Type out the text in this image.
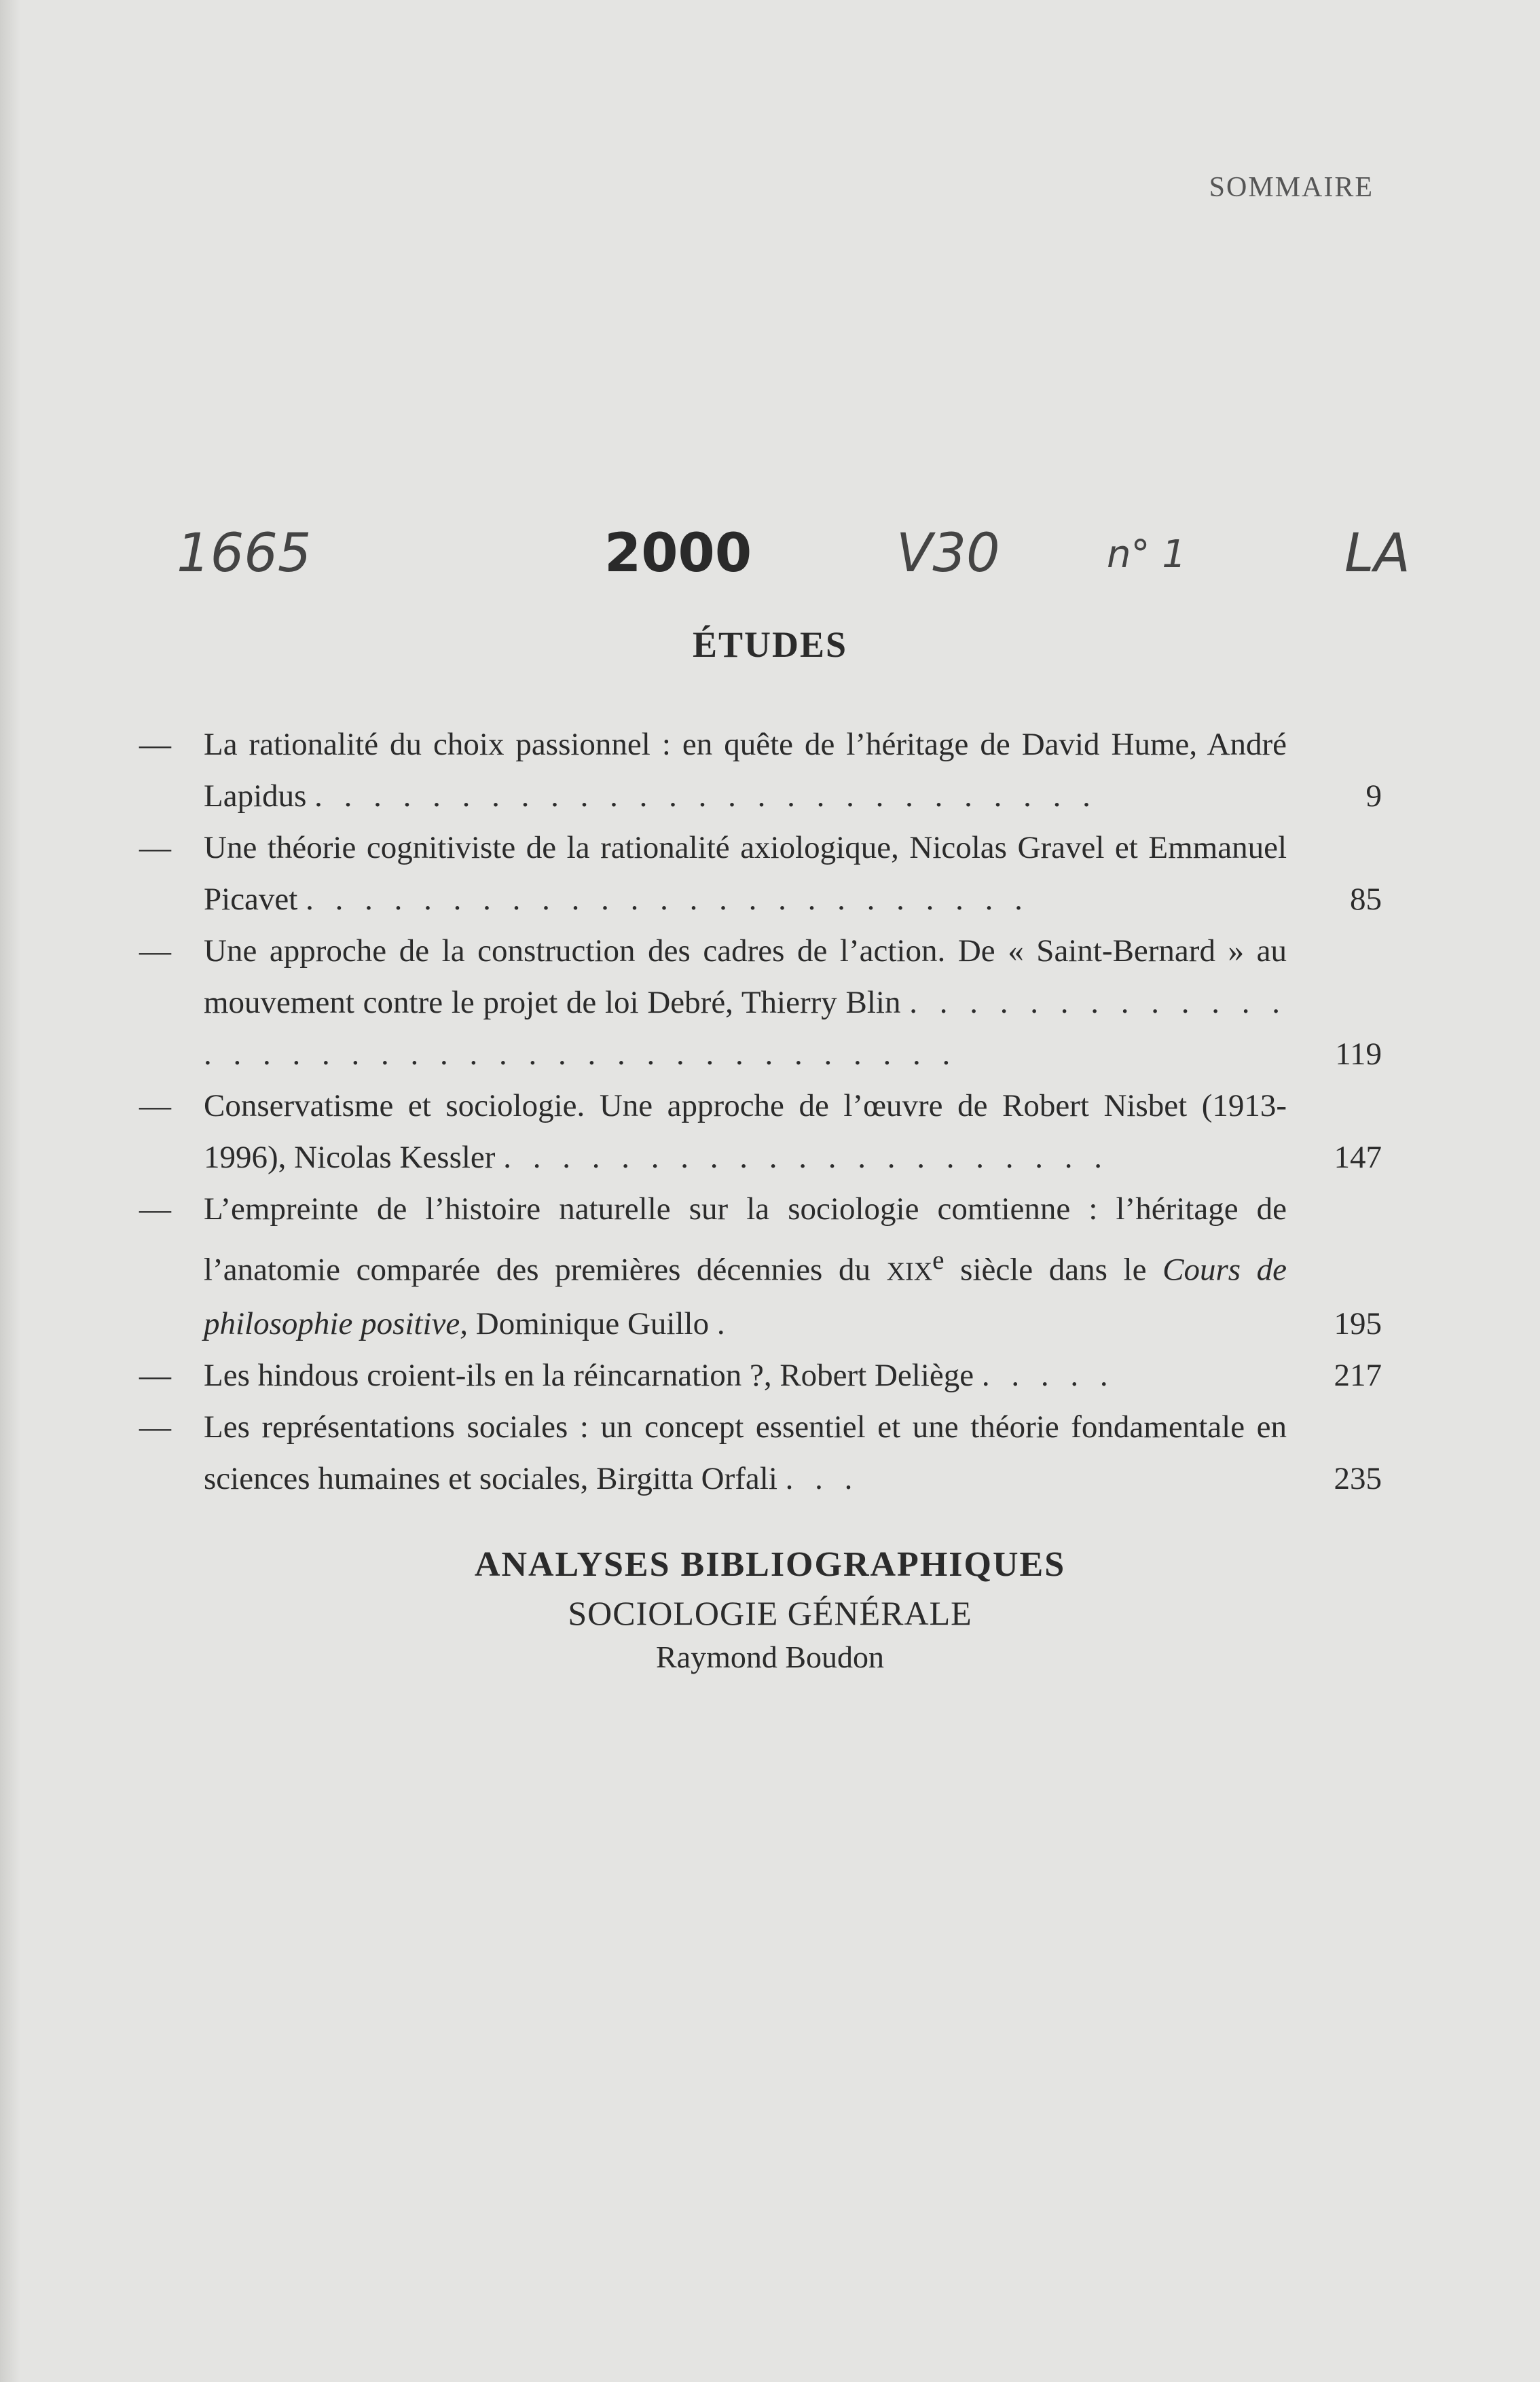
SOMMAIRE
1665	2000	V30	n° 1	LA
ÉTUDES
— La rationalité du choix passionnel : en quête de l’héritage de David Hume, André Lapidus . . . . . . . . . . . . . . . . . . . . . . . . . . .	9
— Une théorie cognitiviste de la rationalité axiologique, Nicolas Gravel et Emmanuel Picavet . . . . . . . . . . . . . . . . . . . . . . . . .	85
— Une approche de la construction des cadres de l’action. De « Saint-Bernard » au mouvement contre le projet de loi Debré, Thierry Blin . . . . . . . . . . . . . . . . . . . . . . . . . . . . . . . . . . . . . . .	119
— Conservatisme et sociologie. Une approche de l’œuvre de Robert Nisbet (1913-1996), Nicolas Kessler . . . . . . . . . . . . . . . . . . . . .	147
— L’empreinte de l’histoire naturelle sur la sociologie comtienne : l’héritage de l’anatomie comparée des premières décennies du XIXe siècle dans le Cours de philosophie positive, Dominique Guillo .	195
— Les hindous croient-ils en la réincarnation ?, Robert Deliège . . . . .	217
— Les représentations sociales : un concept essentiel et une théorie fondamentale en sciences humaines et sociales, Birgitta Orfali . . .	235
ANALYSES BIBLIOGRAPHIQUES
SOCIOLOGIE GÉNÉRALE
Raymond Boudon
